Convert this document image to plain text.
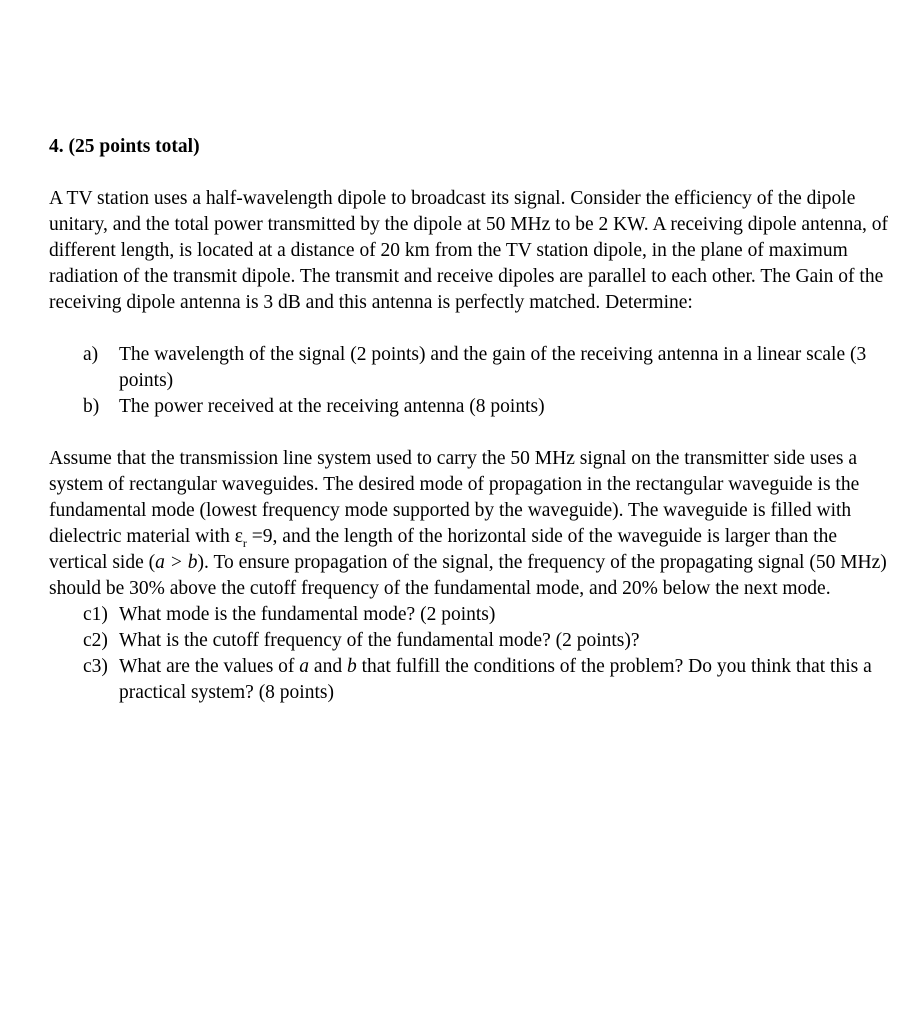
4. (25 points total)

A TV station uses a half-wavelength dipole to broadcast its signal. Consider the efficiency of the dipole unitary, and the total power transmitted by the dipole at 50 MHz to be 2 KW. A receiving dipole antenna, of different length, is located at a distance of 20 km from the TV station dipole, in the plane of maximum radiation of the transmit dipole. The transmit and receive dipoles are parallel to each other. The Gain of the receiving dipole antenna is 3 dB and this antenna is perfectly matched. Determine:

a) The wavelength of the signal (2 points) and the gain of the receiving antenna in a linear scale (3 points)
b) The power received at the receiving antenna (8 points)

Assume that the transmission line system used to carry the 50 MHz signal on the transmitter side uses a system of rectangular waveguides. The desired mode of propagation in the rectangular waveguide is the fundamental mode (lowest frequency mode supported by the waveguide). The waveguide is filled with dielectric material with $\varepsilon_r =9$, and the length of the horizontal side of the waveguide is larger than the vertical side (a > b). To ensure propagation of the signal, the frequency of the propagating signal (50 MHz) should be 30% above the cutoff frequency of the fundamental mode, and 20% below the next mode.

c1) What mode is the fundamental mode? (2 points)
c2) What is the cutoff frequency of the fundamental mode? (2 points)?
c3) What are the values of a and b that fulfill the conditions of the problem? Do you think that this a practical system? (8 points)
